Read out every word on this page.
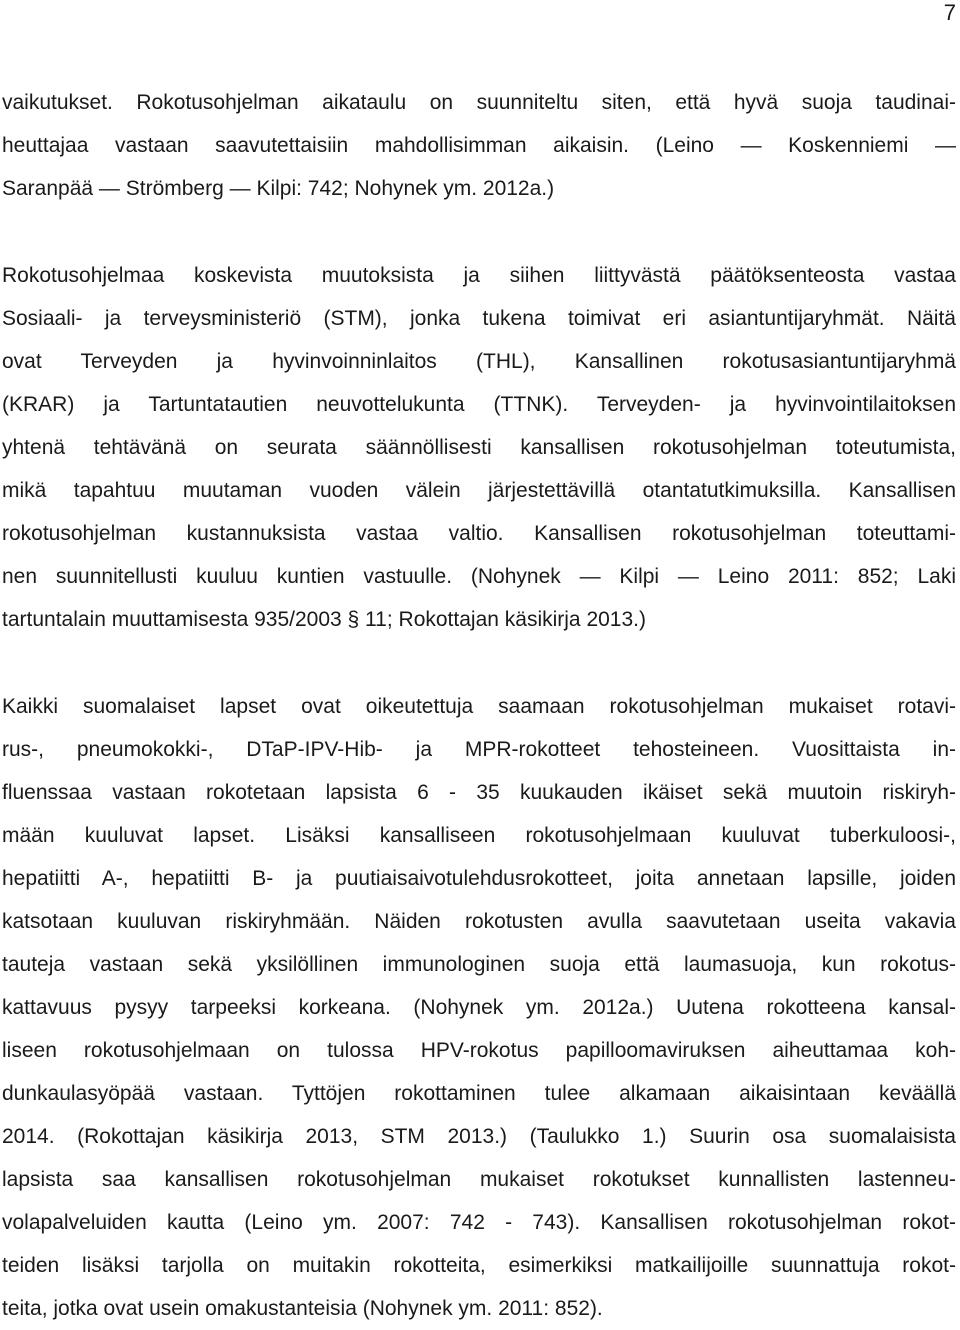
7
vaikutukset. Rokotusohjelman aikataulu on suunniteltu siten, että hyvä suoja taudinai-
heuttajaa vastaan saavutettaisiin mahdollisimman aikaisin. (Leino — Koskenniemi —
Saranpää — Strömberg — Kilpi: 742; Nohynek ym. 2012a.)
Rokotusohjelmaa koskevista muutoksista ja siihen liittyvästä päätöksenteosta vastaa
Sosiaali- ja terveysministeriö (STM), jonka tukena toimivat eri asiantuntijaryhmät. Näitä
ovat Terveyden ja hyvinvoinninlaitos (THL), Kansallinen rokotusasiantuntijaryhmä
(KRAR) ja Tartuntatautien neuvottelukunta (TTNK). Terveyden- ja hyvinvointilaitoksen
yhtenä tehtävänä on seurata säännöllisesti kansallisen rokotusohjelman toteutumista,
mikä tapahtuu muutaman vuoden välein järjestettävillä otantatutkimuksilla. Kansallisen
rokotusohjelman kustannuksista vastaa valtio. Kansallisen rokotusohjelman toteuttami-
nen suunnitellusti kuuluu kuntien vastuulle. (Nohynek — Kilpi — Leino 2011: 852; Laki
tartuntalain muuttamisesta 935/2003 § 11; Rokottajan käsikirja 2013.)
Kaikki suomalaiset lapset ovat oikeutettuja saamaan rokotusohjelman mukaiset rotavi-
rus-, pneumokokki-, DTaP-IPV-Hib- ja MPR-rokotteet tehosteineen. Vuosittaista in-
fluenssaa vastaan rokotetaan lapsista 6 - 35 kuukauden ikäiset sekä muutoin riskiryh-
mään kuuluvat lapset. Lisäksi kansalliseen rokotusohjelmaan kuuluvat tuberkuloosi-,
hepatiitti A-, hepatiitti B- ja puutiaisaivotulehdusrokotteet, joita annetaan lapsille, joiden
katsotaan kuuluvan riskiryhmään. Näiden rokotusten avulla saavutetaan useita vakavia
tauteja vastaan sekä yksilöllinen immunologinen suoja että laumasuoja, kun rokotus-
kattavuus pysyy tarpeeksi korkeana. (Nohynek ym. 2012a.) Uutena rokotteena kansal-
liseen rokotusohjelmaan on tulossa HPV-rokotus papilloomaviruksen aiheuttamaa koh-
dunkaulasyöpää vastaan. Tyttöjen rokottaminen tulee alkamaan aikaisintaan keväällä
2014. (Rokottajan käsikirja 2013, STM 2013.) (Taulukko 1.) Suurin osa suomalaisista
lapsista saa kansallisen rokotusohjelman mukaiset rokotukset kunnallisten lastenneu-
volapalveluiden kautta (Leino ym. 2007: 742 - 743). Kansallisen rokotusohjelman rokot-
teiden lisäksi tarjolla on muitakin rokotteita, esimerkiksi matkailijoille suunnattuja rokot-
teita, jotka ovat usein omakustanteisia (Nohynek ym. 2011: 852).
